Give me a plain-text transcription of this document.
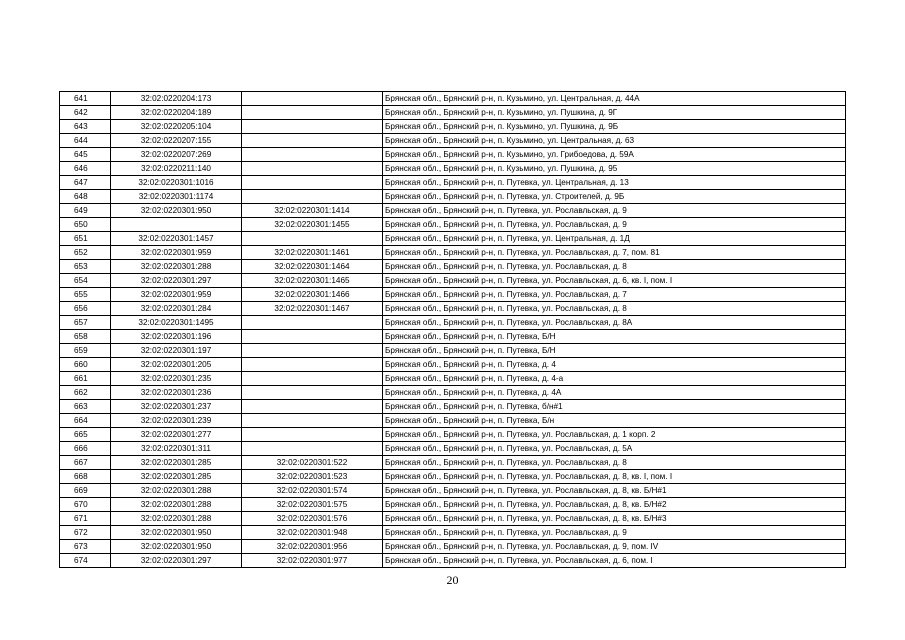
641	32:02:0220204:173		Брянская обл., Брянский р-н, п. Кузьмино, ул. Центральная, д. 44А
642	32:02:0220204:189		Брянская обл., Брянский р-н, п. Кузьмино, ул. Пушкина, д. 9Г
643	32:02:0220205:104		Брянская обл., Брянский р-н, п. Кузьмино, ул. Пушкина, д. 9Б
644	32:02:0220207:155		Брянская обл., Брянский р-н, п. Кузьмино, ул. Центральная, д. 63
645	32:02:0220207:269		Брянская обл., Брянский р-н, п. Кузьмино, ул. Грибоедова, д. 59А
646	32:02:0220211:140		Брянская обл., Брянский р-н, п. Кузьмино, ул. Пушкина, д. 95
647	32:02:0220301:1016		Брянская обл., Брянский р-н, п. Путевка, ул. Центральная, д. 13
648	32:02:0220301:1174		Брянская обл., Брянский р-н, п. Путевка, ул. Строителей, д. 9Б
649	32:02:0220301:950	32:02:0220301:1414	Брянская обл., Брянский р-н, п. Путевка, ул. Рославльская, д. 9
650		32:02:0220301:1455	Брянская обл., Брянский р-н, п. Путевка, ул. Рославльская, д. 9
651	32:02:0220301:1457		Брянская обл., Брянский р-н, п. Путевка, ул. Центральная, д. 1Д
652	32:02:0220301:959	32:02:0220301:1461	Брянская обл., Брянский р-н, п. Путевка, ул. Рославльская, д. 7, пом. 81
653	32:02:0220301:288	32:02:0220301:1464	Брянская обл., Брянский р-н, п. Путевка, ул. Рославльская, д. 8
654	32:02:0220301:297	32:02:0220301:1465	Брянская обл., Брянский р-н, п. Путевка, ул. Рославльская, д. 6, кв. I, пом. I
655	32:02:0220301:959	32:02:0220301:1466	Брянская обл., Брянский р-н, п. Путевка, ул. Рославльская, д. 7
656	32:02:0220301:284	32:02:0220301:1467	Брянская обл., Брянский р-н, п. Путевка, ул. Рославльская, д. 8
657	32:02:0220301:1495		Брянская обл., Брянский р-н, п. Путевка, ул. Рославльская, д. 8А
658	32:02:0220301:196		Брянская обл., Брянский р-н, п. Путевка, Б/Н
659	32:02:0220301:197		Брянская обл., Брянский р-н, п. Путевка, Б/Н
660	32:02:0220301:205		Брянская обл., Брянский р-н, п. Путевка, д. 4
661	32:02:0220301:235		Брянская обл., Брянский р-н, п. Путевка, д. 4-а
662	32:02:0220301:236		Брянская обл., Брянский р-н, п. Путевка, д. 4А
663	32:02:0220301:237		Брянская обл., Брянский р-н, п. Путевка, б/н#1
664	32:02:0220301:239		Брянская обл., Брянский р-н, п. Путевка, Б/н
665	32:02:0220301:277		Брянская обл., Брянский р-н, п. Путевка, ул. Рославльская, д. 1 корп. 2
666	32:02:0220301:311		Брянская обл., Брянский р-н, п. Путевка, ул. Рославльская, д. 5А
667	32:02:0220301:285	32:02:0220301:522	Брянская обл., Брянский р-н, п. Путевка, ул. Рославльская, д. 8
668	32:02:0220301:285	32:02:0220301:523	Брянская обл., Брянский р-н, п. Путевка, ул. Рославльская, д. 8, кв. I, пом. I
669	32:02:0220301:288	32:02:0220301:574	Брянская обл., Брянский р-н, п. Путевка, ул. Рославльская, д. 8, кв. Б/Н#1
670	32:02:0220301:288	32:02:0220301:575	Брянская обл., Брянский р-н, п. Путевка, ул. Рославльская, д. 8, кв. Б/Н#2
671	32:02:0220301:288	32:02:0220301:576	Брянская обл., Брянский р-н, п. Путевка, ул. Рославльская, д. 8, кв. Б/Н#3
672	32:02:0220301:950	32:02:0220301:948	Брянская обл., Брянский р-н, п. Путевка, ул. Рославльская, д. 9
673	32:02:0220301:950	32:02:0220301:956	Брянская обл., Брянский р-н, п. Путевка, ул. Рославльская, д. 9, пом. IV
674	32:02:0220301:297	32:02:0220301:977	Брянская обл., Брянский р-н, п. Путевка, ул. Рославльская, д. 6, пом. I
20
